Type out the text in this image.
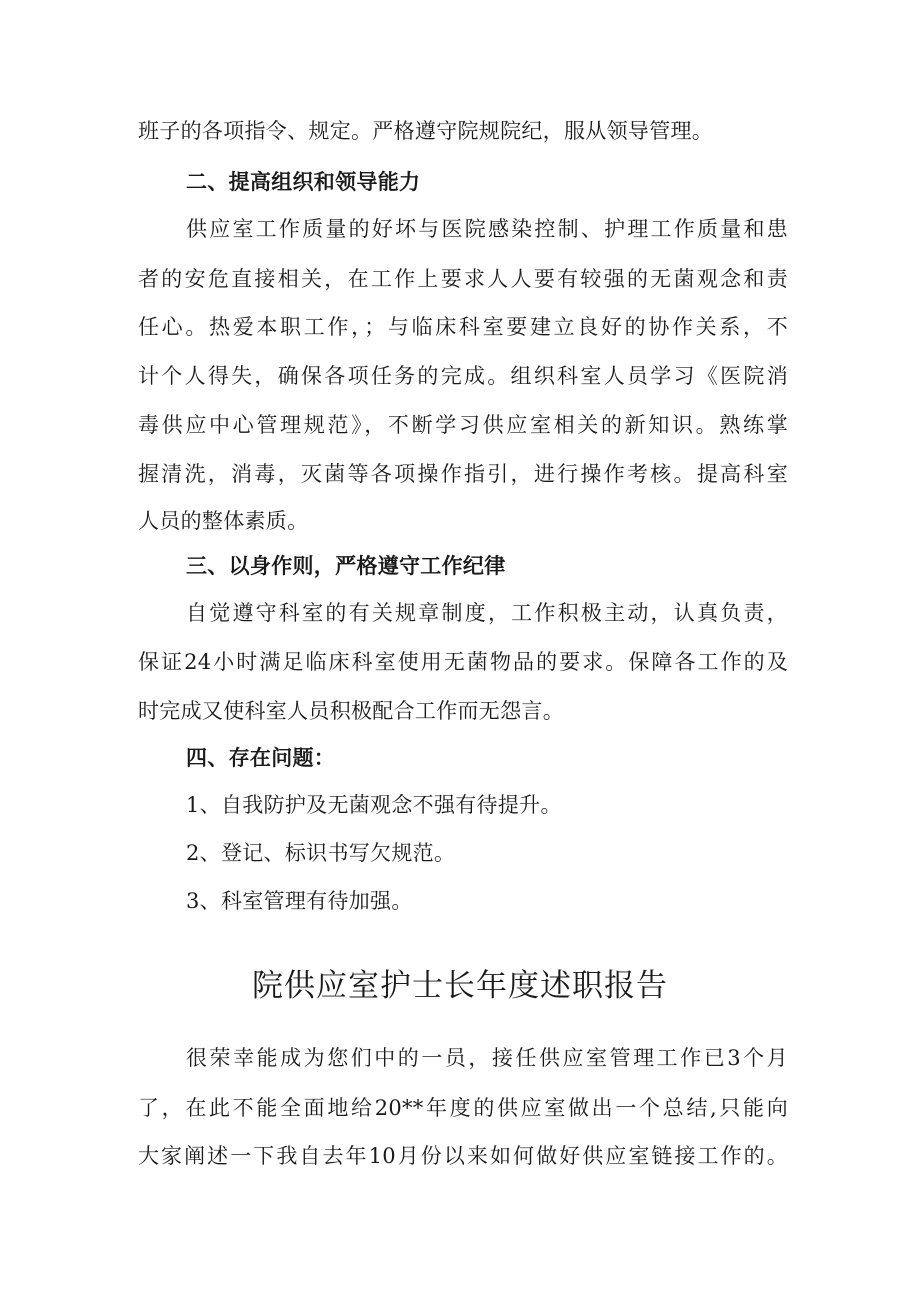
班子的各项指令、规定。严格遵守院规院纪，服从领导管理。
二、提高组织和领导能力
供应室工作质量的好坏与医院感染控制、护理工作质量和患
者的安危直接相关，在工作上要求人人要有较强的无菌观念和责
任心。热爱本职工作，；与临床科室要建立良好的协作关系，不
计个人得失，确保各项任务的完成。组织科室人员学习《医院消
毒供应中心管理规范》，不断学习供应室相关的新知识。熟练掌
握清洗，消毒，灭菌等各项操作指引，进行操作考核。提高科室
人员的整体素质。
三、以身作则，严格遵守工作纪律
自觉遵守科室的有关规章制度，工作积极主动，认真负责，
保证24小时满足临床科室使用无菌物品的要求。保障各工作的及
时完成又使科室人员积极配合工作而无怨言。
四、存在问题：
1、自我防护及无菌观念不强有待提升。
2、登记、标识书写欠规范。
3、科室管理有待加强。
院供应室护士长年度述职报告
很荣幸能成为您们中的一员，接任供应室管理工作已3个月
了，在此不能全面地给20**年度的供应室做出一个总结,只能向
大家阐述一下我自去年10月份以来如何做好供应室链接工作的。
